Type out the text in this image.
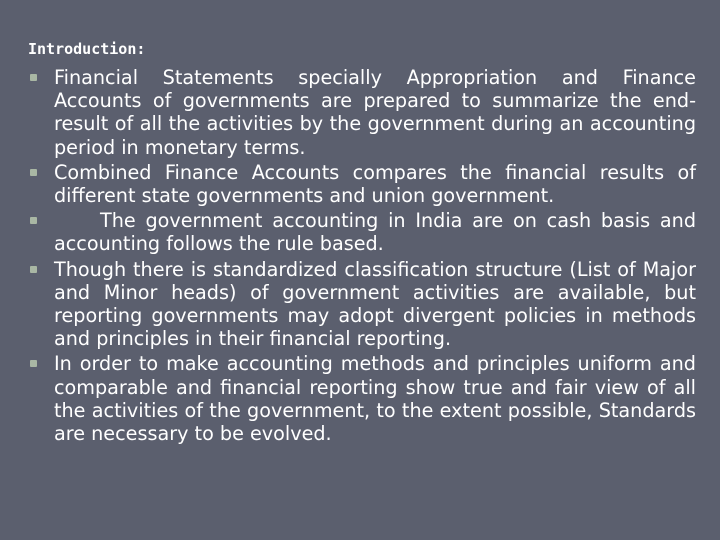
Introduction:
Financial Statements specially Appropriation and Finance Accounts of governments are prepared to summarize the end-result of all the activities by the government during an accounting period in monetary terms.
Combined Finance Accounts compares the financial results of different state governments and union government.
The government accounting in India are on cash basis and accounting follows the rule based.
Though there is standardized classification structure (List of Major and Minor heads) of government activities are available, but reporting governments may adopt divergent policies in methods and principles in their financial reporting.
In order to make accounting methods and principles uniform and comparable and financial reporting show true and fair view of all the activities of the government, to the extent possible, Standards are necessary to be evolved.
